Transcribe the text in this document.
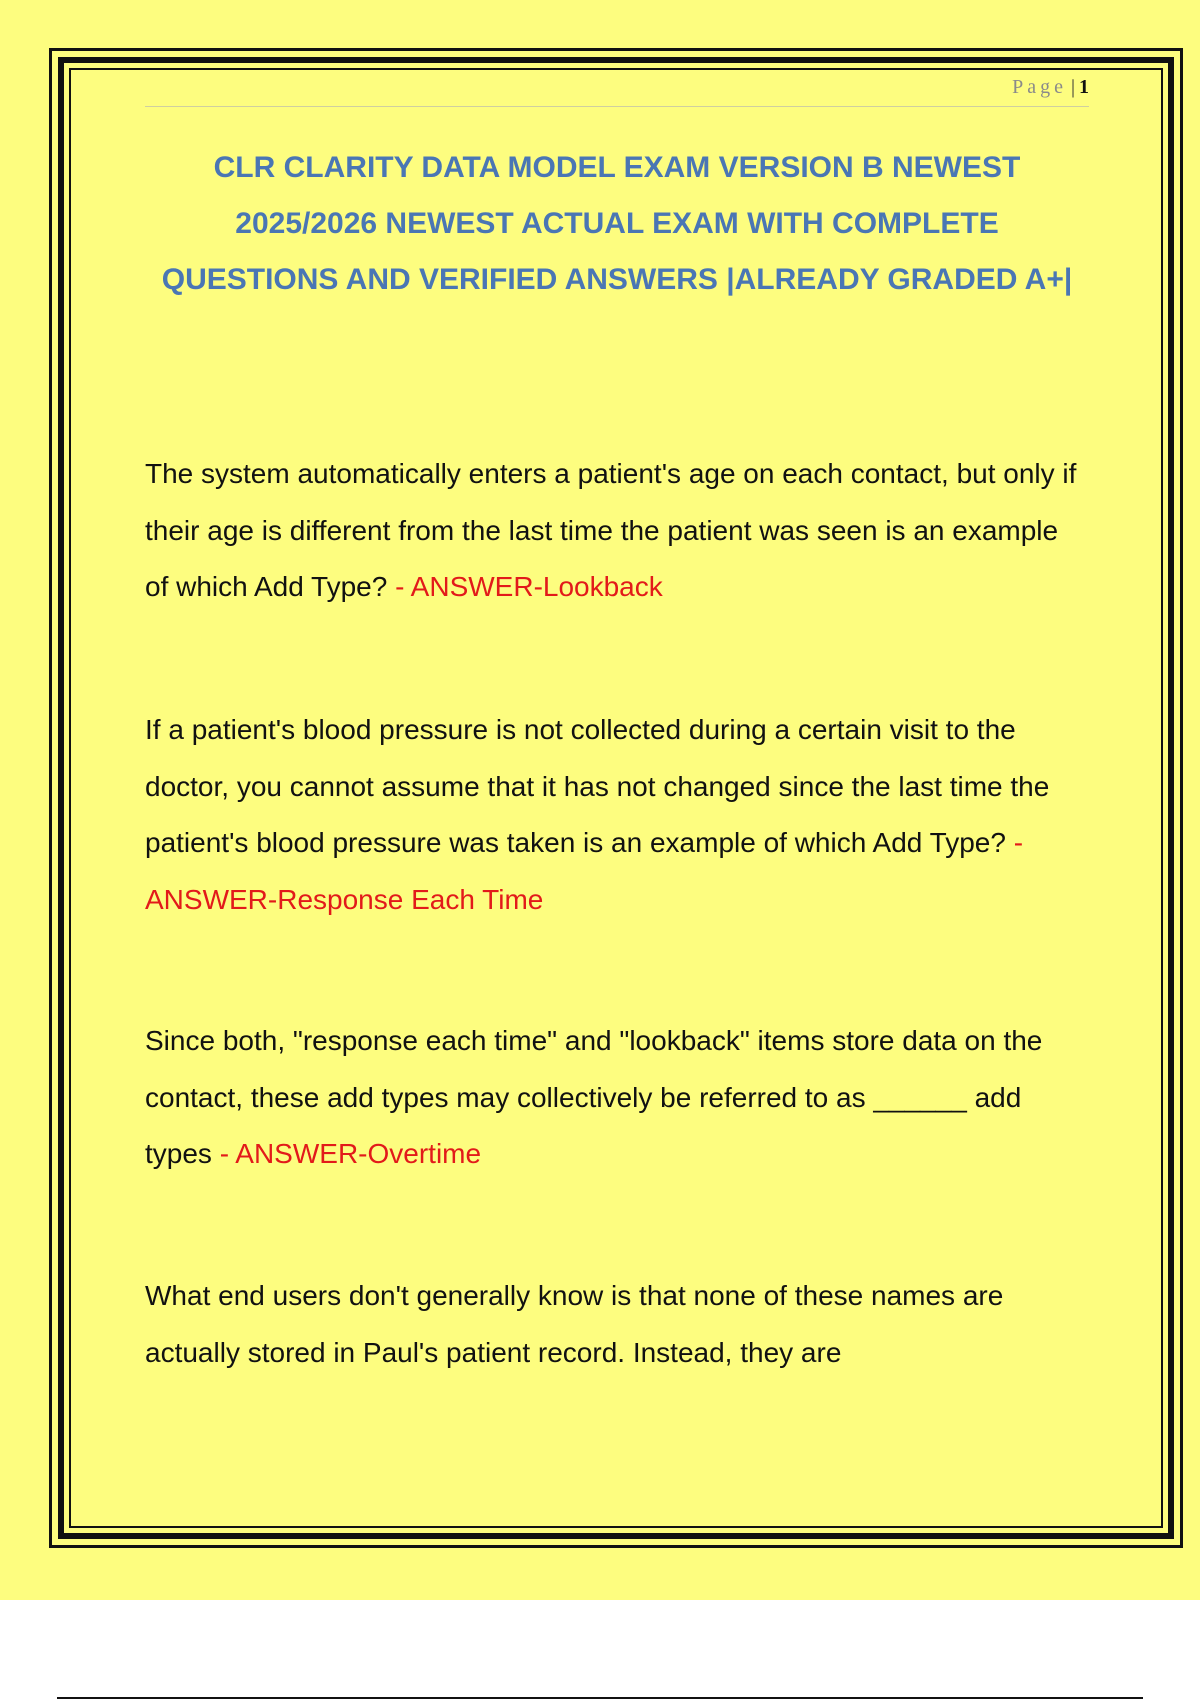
Page | 1
CLR CLARITY DATA MODEL EXAM VERSION B NEWEST 2025/2026 NEWEST ACTUAL EXAM WITH COMPLETE QUESTIONS AND VERIFIED ANSWERS |ALREADY GRADED A+|
The system automatically enters a patient's age on each contact, but only if their age is different from the last time the patient was seen is an example of which Add Type? - ANSWER-Lookback
If a patient's blood pressure is not collected during a certain visit to the doctor, you cannot assume that it has not changed since the last time the patient's blood pressure was taken is an example of which Add Type? - ANSWER-Response Each Time
Since both, "response each time" and "lookback" items store data on the contact, these add types may collectively be referred to as ______ add types - ANSWER-Overtime
What end users don't generally know is that none of these names are actually stored in Paul's patient record. Instead, they are
